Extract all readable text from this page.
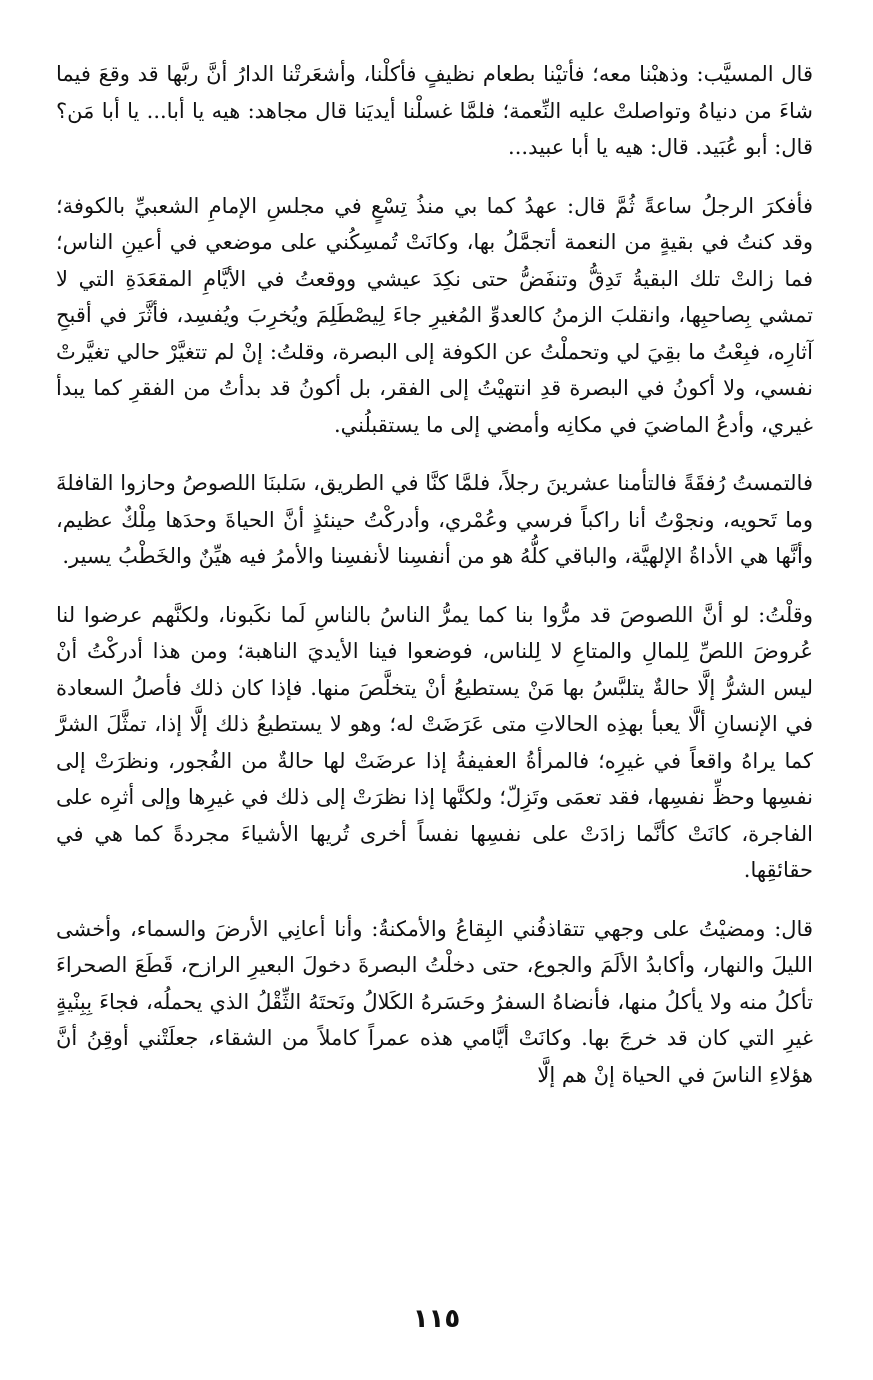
قال المسيَّب: وذهبْنا معه؛ فأتيْنا بطعام نظيفٍ فأكلْنا، وأشعَرتْنا الدارُ أنَّ ربَّها قد وقعَ فيما شاءَ من دنياهُ وتواصلتْ عليه النِّعمة؛ فلمَّا غسلْنا أيديَنا قال مجاهد: هيه يا أبا... يا أبا مَن؟ قال: أبو عُبَيد. قال: هيه يا أبا عبيد...

فأفكرَ الرجلُ ساعةً ثُمَّ قال: عهدُ كما بي منذُ تِسْعٍ في مجلسِ الإمامِ الشعبيِّ بالكوفة؛ وقد كنتُ في بقيةٍ من النعمة أتجمَّلُ بها، وكانَتْ تُمسِكُني على موضعي في أعينِ الناس؛ فما زالتْ تلك البقيةُ تَدِقُّ وتنفَضُّ حتى نكِدَ عيشي ووقعتُ في الأيَّامِ المقعَدَةِ التي لا تمشي بِصاحبِها، وانقلبَ الزمنُ كالعدوِّ المُغيرِ جاءَ لِيصْطَلِمَ ويُخرِبَ ويُفسِد، فأثَّرَ في أقبحِ آثارِه، فبِعْتُ ما بقِيَ لي وتحملْتُ عن الكوفة إلى البصرة، وقلتُ: إنْ لم تتغيَّرْ حالي تغيَّرتْ نفسي، ولا أكونُ في البصرة قدِ انتهيْتُ إلى الفقر، بل أكونُ قد بدأتُ من الفقرِ كما يبدأ غيري، وأدعُ الماضيَ في مكانِه وأمضي إلى ما يستقبلُني.

فالتمستُ رُفقَةً فالتأمنا عشرينَ رجلاً، فلمَّا كنَّا في الطريق، سَلبنَا اللصوصُ وحازوا القافلةَ وما تَحويه، ونجوْتُ أنا راكباً فرسي وعُمْري، وأدركْتُ حينئذٍ أنَّ الحياةَ وحدَها مِلْكٌ عظيم، وأنَّها هي الأداةُ الإلهيَّة، والباقي كلُّهُ هو من أنفسِنا لأنفسِنا والأمرُ فيه هيِّنٌ والخَطْبُ يسير.

وقلْتُ: لو أنَّ اللصوصَ قد مرُّوا بنا كما يمرُّ الناسُ بالناسِ لَما نكَبونا، ولكنَّهم عرضوا لنا عُروضَ اللصِّ لِلمالِ والمتاعِ لا لِلناس، فوضعوا فينا الأيديَ الناهبة؛ ومن هذا أدركْتُ أنْ ليس الشرُّ إلَّا حالةٌ يتلبَّسُ بها مَنْ يستطيعُ أنْ يتخلَّصَ منها. فإذا كان ذلك فأصلُ السعادة في الإنسانِ ألَّا يعبأ بهذِه الحالاتِ متى عَرَضَتْ له؛ وهو لا يستطيعُ ذلك إلَّا إذا، تمثَّلَ الشرَّ كما يراهُ واقعاً في غيرِه؛ فالمرأةُ العفيفةُ إذا عرضَتْ لها حالةٌ من الفُجور، ونظرَتْ إلى نفسِها وحظِّ نفسِها، فقد تعمَى وتَزِلّ؛ ولكنَّها إذا نظرَتْ إلى ذلك في غيرِها وإلى أثرِه على الفاجرة، كانَتْ كأنَّما زادَتْ على نفسِها نفساً أخرى تُريها الأشياءَ مجردةً كما هي في حقائقِها.

قال: ومضيْتُ على وجهي تتقاذفُني البِقاعُ والأمكنةُ: وأنا أعانِي الأرضَ والسماء، وأخشى الليلَ والنهار، وأكابدُ الألَمَ والجوع، حتى دخلْتُ البصرةَ دخولَ البعيرِ الرازح، قَطَعَ الصحراءَ تأكلُ منه ولا يأكلُ منها، فأنضاهُ السفرُ وحَسَرهُ الكَلالُ ونَحتَهُ الثِّقْلُ الذي يحملُه، فجاءَ بِبِنْيةٍ غيرِ التي كان قد خرجَ بها. وكانَتْ أيَّامي هذه عمراً كاملاً من الشقاء، جعلَتْني أوقِنُ أنَّ هؤلاءِ الناسَ في الحياة إنْ هم إلَّا

١١٥
